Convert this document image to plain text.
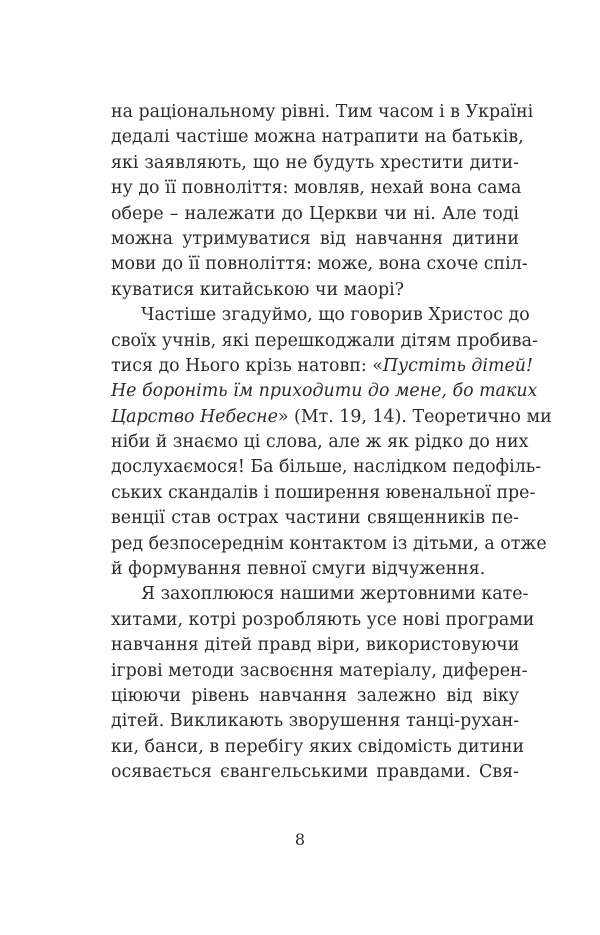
на раціональному рівні. Тим часом і в Україні
дедалі частіше можна натрапити на батьків,
які заявляють, що не будуть хрестити дити-
ну до її повноліття: мовляв, нехай вона сама
обере – належати до Церкви чи ні. Але тоді
можна утримуватися від навчання дитини
мови до її повноліття: може, вона схоче спіл-
куватися китайською чи маорі?
Частіше згадуймо, що говорив Христос до
своїх учнів, які перешкоджали дітям пробива-
тися до Нього крізь натовп: «Пустіть дітей!
Не бороніть їм приходити до мене, бо таких
Царство Небесне» (Мт. 19, 14). Теоретично ми
ніби й знаємо ці слова, але ж як рідко до них
дослухаємося! Ба більше, наслідком педофіль-
ських скандалів і поширення ювенальної пре-
венції став острах частини священників пе-
ред безпосереднім контактом із дітьми, а отже
й формування певної смуги відчуження.
Я захоплююся нашими жертовними кате-
хитами, котрі розробляють усе нові програми
навчання дітей правд віри, використовуючи
ігрові методи засвоєння матеріалу, диферен-
ціюючи рівень навчання залежно від віку
дітей. Викликають зворушення танці-рухан-
ки, банси, в перебігу яких свідомість дитини
осявається євангельськими правдами. Свя-
8
